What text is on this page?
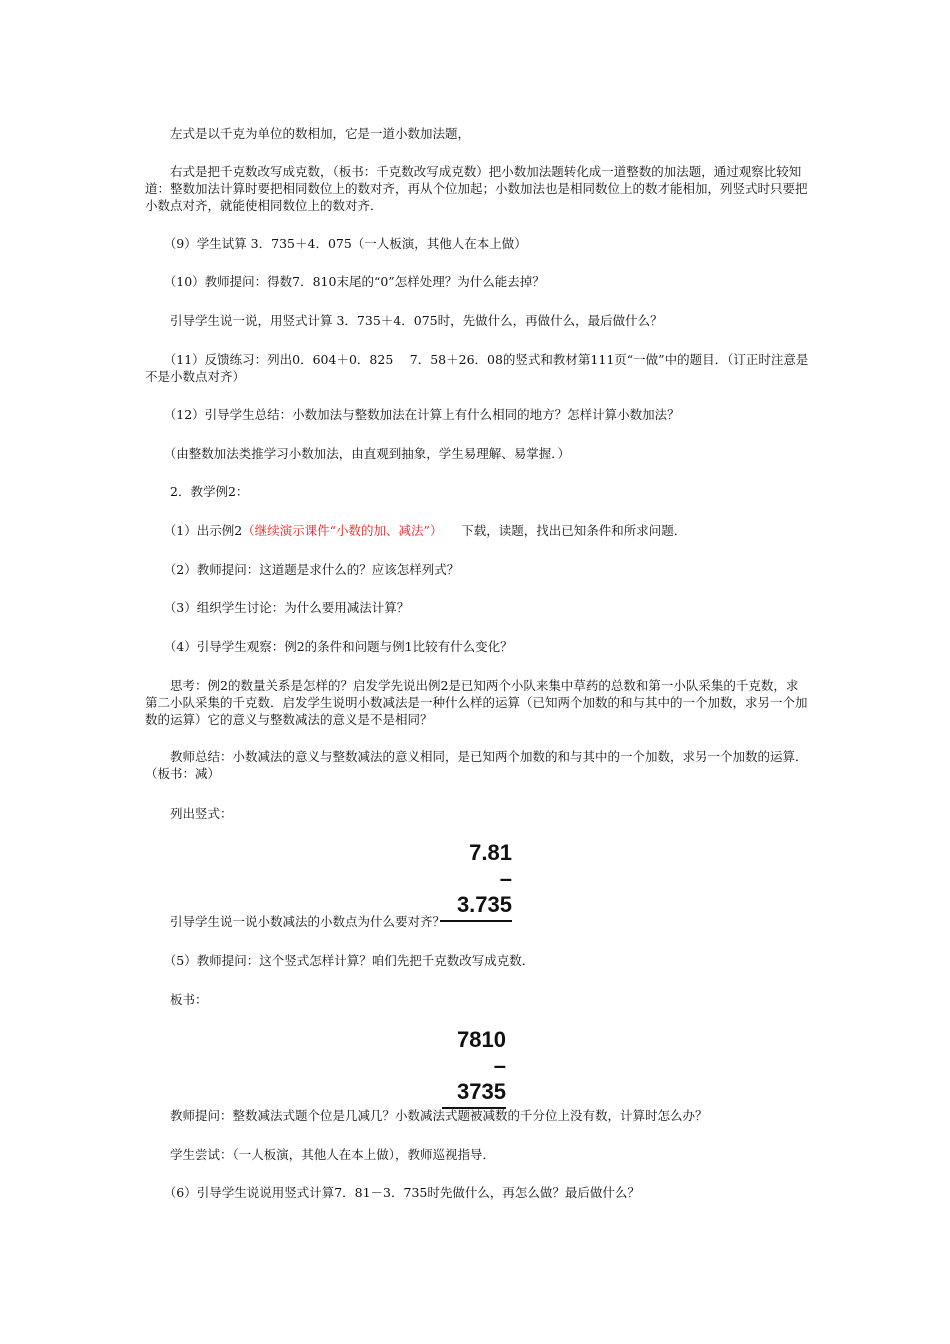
　　左式是以千克为单位的数相加，它是一道小数加法题，

　　右式是把千克数改写成克数，（板书：千克数改写成克数）把小数加法题转化成一道整数的加法题，通过观察比较知道：整数加法计算时要把相同数位上的数对齐，再从个位加起；小数加法也是相同数位上的数才能相加，列竖式时只要把小数点对齐，就能使相同数位上的数对齐．

　　（9）学生试算 3．735＋4．075（一人板演，其他人在本上做）

　　（10）教师提问：得数7．810末尾的“0”怎样处理？为什么能去掉？

　　引导学生说一说，用竖式计算 3．735＋4．075时，先做什么，再做什么，最后做什么？

　　（11）反馈练习：列出0．604＋0．825　 7．58＋26．08的竖式和教材第111页“一做”中的题目．（订正时注意是不是小数点对齐）

　　（12）引导学生总结：小数加法与整数加法在计算上有什么相同的地方？怎样计算小数加法？

　　（由整数加法类推学习小数加法，由直观到抽象，学生易理解、易掌握．）

　　2．教学例2：

　　（1）出示例2（继续演示课件“小数的加、减法”）　　下载，读题，找出已知条件和所求问题．

　　（2）教师提问：这道题是求什么的？应该怎样列式？

　　（3）组织学生讨论：为什么要用减法计算？

　　（4）引导学生观察：例2的条件和问题与例1比较有什么变化？

　　思考：例2的数量关系是怎样的？启发学先说出例2是已知两个小队来集中草药的总数和第一小队采集的千克数，求第二小队采集的千克数．启发学生说明小数减法是一种什么样的运算（已知两个加数的和与其中的一个加数，求另一个加数的运算）它的意义与整数减法的意义是不是相同？

　　教师总结：小数减法的意义与整数减法的意义相同，是已知两个加数的和与其中的一个加数，求另一个加数的运算．（板书：减）

　　列出竖式：

7.81
– 3.735

　　引导学生说一说小数减法的小数点为什么要对齐？

　　（5）教师提问：这个竖式怎样计算？咱们先把千克数改写成克数．

　　板书：

7810
– 3735

　　教师提问：整数减法式题个位是几减几？小数减法式题被减数的千分位上没有数，计算时怎么办？

　　学生尝试：（一人板演，其他人在本上做），教师巡视指导．

　　（6）引导学生说说用竖式计算7．81－3．735时先做什么，再怎么做？最后做什么？
